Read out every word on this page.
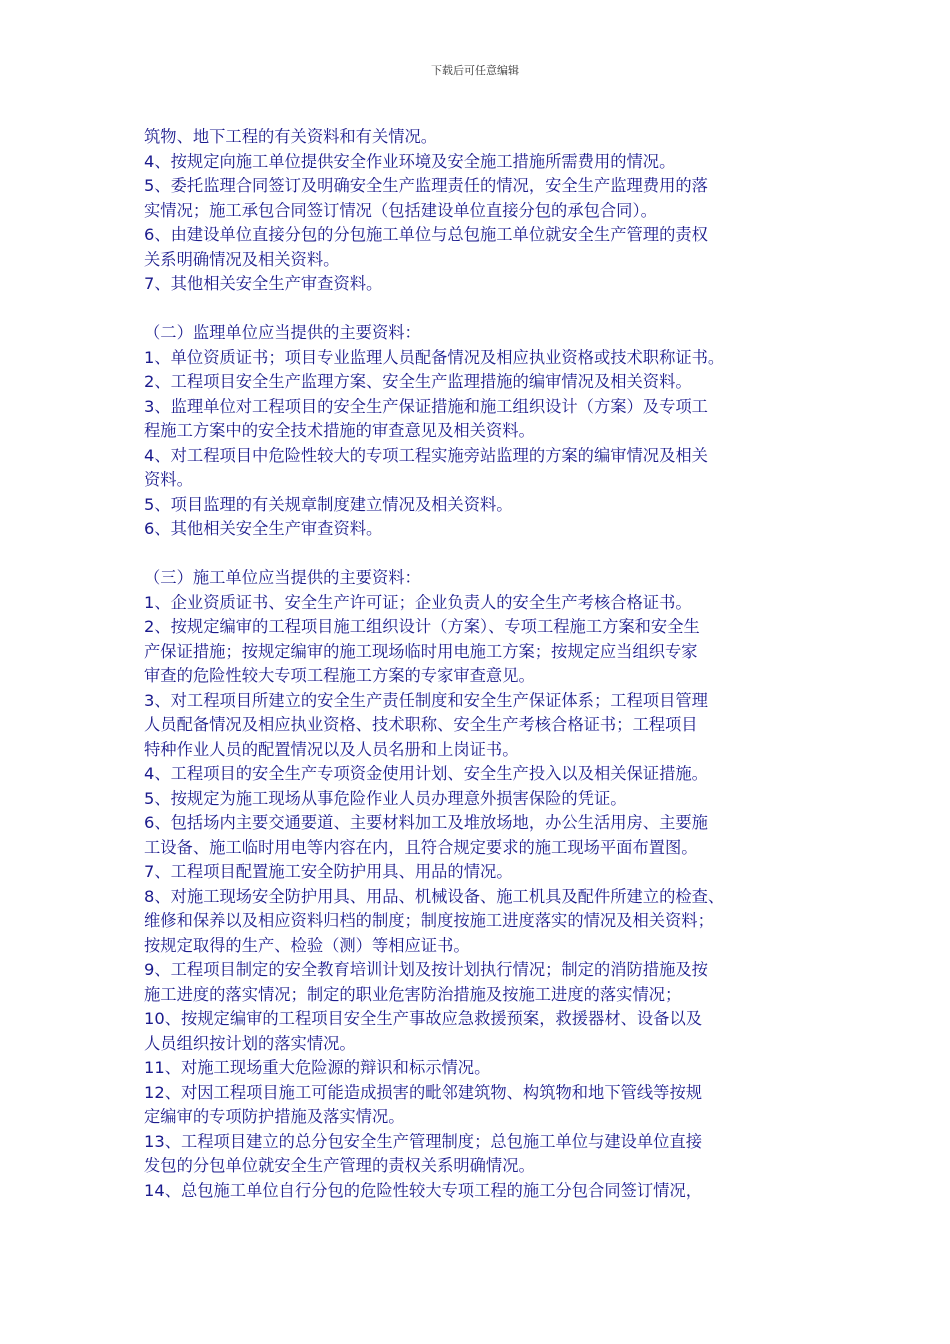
下载后可任意编辑
筑物、地下工程的有关资料和有关情况。
4、按规定向施工单位提供安全作业环境及安全施工措施所需费用的情况。
5、委托监理合同签订及明确安全生产监理责任的情况，安全生产监理费用的落
实情况；施工承包合同签订情况（包括建设单位直接分包的承包合同）。
6、由建设单位直接分包的分包施工单位与总包施工单位就安全生产管理的责权
关系明确情况及相关资料。
7、其他相关安全生产审查资料。
（二）监理单位应当提供的主要资料：
1、单位资质证书；项目专业监理人员配备情况及相应执业资格或技术职称证书。
2、工程项目安全生产监理方案、安全生产监理措施的编审情况及相关资料。
3、监理单位对工程项目的安全生产保证措施和施工组织设计（方案）及专项工
程施工方案中的安全技术措施的审查意见及相关资料。
4、对工程项目中危险性较大的专项工程实施旁站监理的方案的编审情况及相关
资料。
5、项目监理的有关规章制度建立情况及相关资料。
6、其他相关安全生产审查资料。
（三）施工单位应当提供的主要资料：
1、企业资质证书、安全生产许可证；企业负责人的安全生产考核合格证书。
2、按规定编审的工程项目施工组织设计（方案）、专项工程施工方案和安全生
产保证措施；按规定编审的施工现场临时用电施工方案；按规定应当组织专家
审查的危险性较大专项工程施工方案的专家审查意见。
3、对工程项目所建立的安全生产责任制度和安全生产保证体系；工程项目管理
人员配备情况及相应执业资格、技术职称、安全生产考核合格证书；工程项目
特种作业人员的配置情况以及人员名册和上岗证书。
4、工程项目的安全生产专项资金使用计划、安全生产投入以及相关保证措施。
5、按规定为施工现场从事危险作业人员办理意外损害保险的凭证。
6、包括场内主要交通要道、主要材料加工及堆放场地，办公生活用房、主要施
工设备、施工临时用电等内容在内，且符合规定要求的施工现场平面布置图。
7、工程项目配置施工安全防护用具、用品的情况。
8、对施工现场安全防护用具、用品、机械设备、施工机具及配件所建立的检查、
维修和保养以及相应资料归档的制度；制度按施工进度落实的情况及相关资料；
按规定取得的生产、检验（测）等相应证书。
9、工程项目制定的安全教育培训计划及按计划执行情况；制定的消防措施及按
施工进度的落实情况；制定的职业危害防治措施及按施工进度的落实情况；
10、按规定编审的工程项目安全生产事故应急救援预案，救援器材、设备以及
人员组织按计划的落实情况。
11、对施工现场重大危险源的辩识和标示情况。
12、对因工程项目施工可能造成损害的毗邻建筑物、构筑物和地下管线等按规
定编审的专项防护措施及落实情况。
13、工程项目建立的总分包安全生产管理制度；总包施工单位与建设单位直接
发包的分包单位就安全生产管理的责权关系明确情况。
14、总包施工单位自行分包的危险性较大专项工程的施工分包合同签订情况，
